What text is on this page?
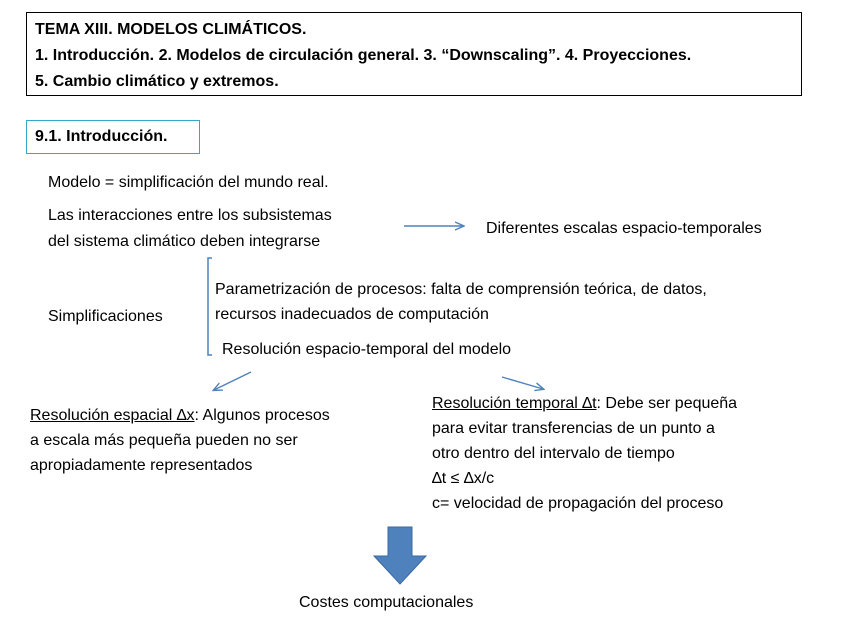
TEMA XIII. MODELOS CLIMÁTICOS.
1. Introducción. 2. Modelos de circulación general. 3. “Downscaling”. 4. Proyecciones.
5. Cambio climático y extremos.
9.1. Introducción.
Modelo = simplificación del mundo real.
Las interacciones entre los subsistemas
del sistema climático deben integrarse
Diferentes escalas espacio-temporales
Simplificaciones
Parametrización de procesos: falta de comprensión teórica, de datos,
recursos inadecuados de computación
Resolución espacio-temporal del modelo
Resolución espacial ∆x: Algunos procesos
a escala más pequeña pueden no ser
apropiadamente representados
Resolución temporal ∆t: Debe ser pequeña
para evitar transferencias de un punto a
otro dentro del intervalo de tiempo
∆t ≤ ∆x/c
c= velocidad de propagación del proceso
Costes computacionales
